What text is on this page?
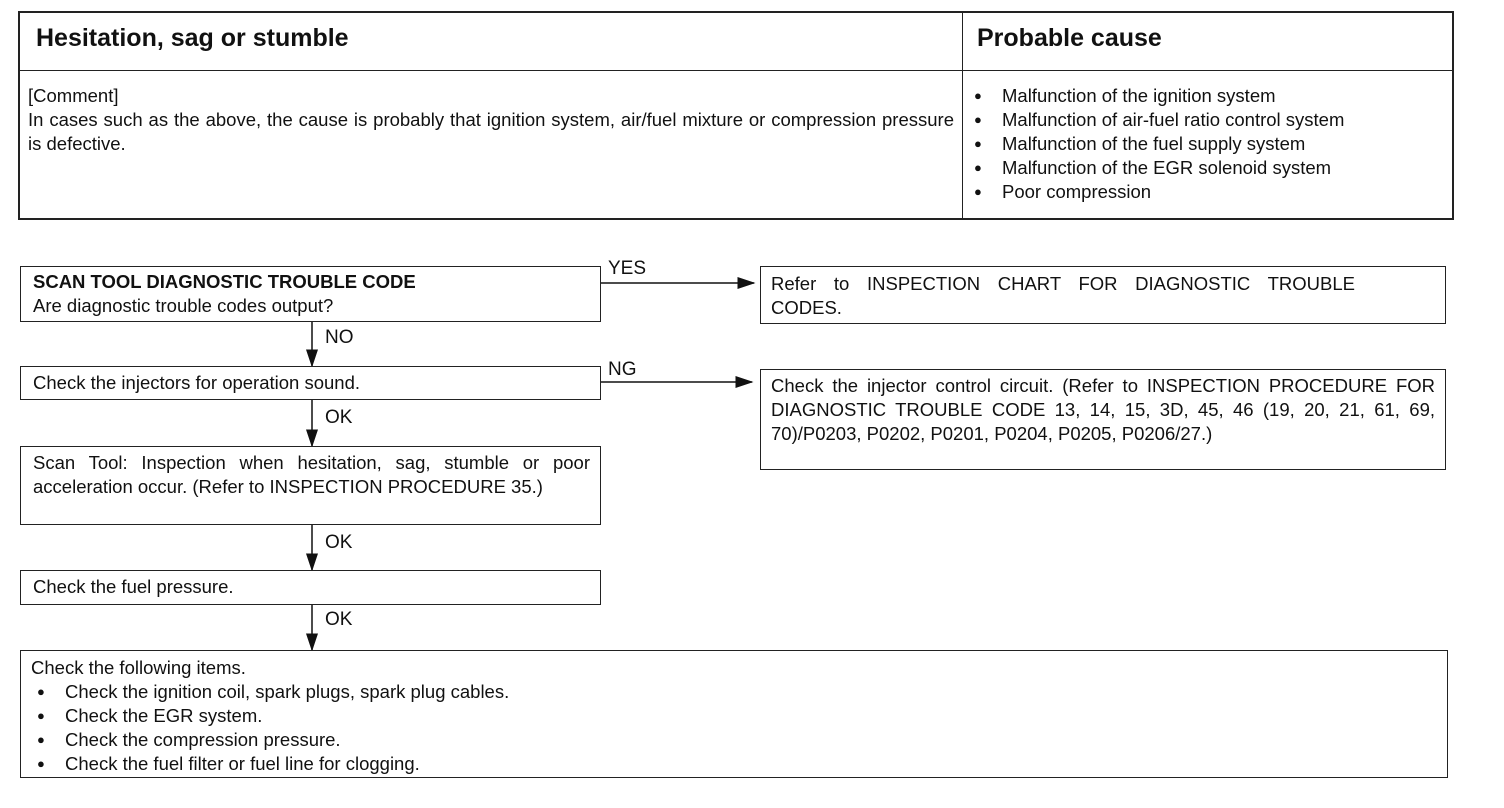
Hesitation, sag or stumble	Probable cause
[Comment]
In cases such as the above, the cause is probably that ignition system, air/fuel mixture or compression pressure is defective.
● Malfunction of the ignition system
● Malfunction of air-fuel ratio control system
● Malfunction of the fuel supply system
● Malfunction of the EGR solenoid system
● Poor compression
SCAN TOOL DIAGNOSTIC TROUBLE CODE
Are diagnostic trouble codes output?
YES
Refer to INSPECTION CHART FOR DIAGNOSTIC TROUBLE CODES.
NO
Check the injectors for operation sound.
NG
Check the injector control circuit. (Refer to INSPECTION PROCEDURE FOR DIAGNOSTIC TROUBLE CODE 13, 14, 15, 3D, 45, 46 (19, 20, 21, 61, 69, 70)/P0203, P0202, P0201, P0204, P0205, P0206/27.)
OK
Scan Tool: Inspection when hesitation, sag, stumble or poor acceleration occur. (Refer to INSPECTION PROCEDURE 35.)
OK
Check the fuel pressure.
OK
Check the following items.
● Check the ignition coil, spark plugs, spark plug cables.
● Check the EGR system.
● Check the compression pressure.
● Check the fuel filter or fuel line for clogging.
